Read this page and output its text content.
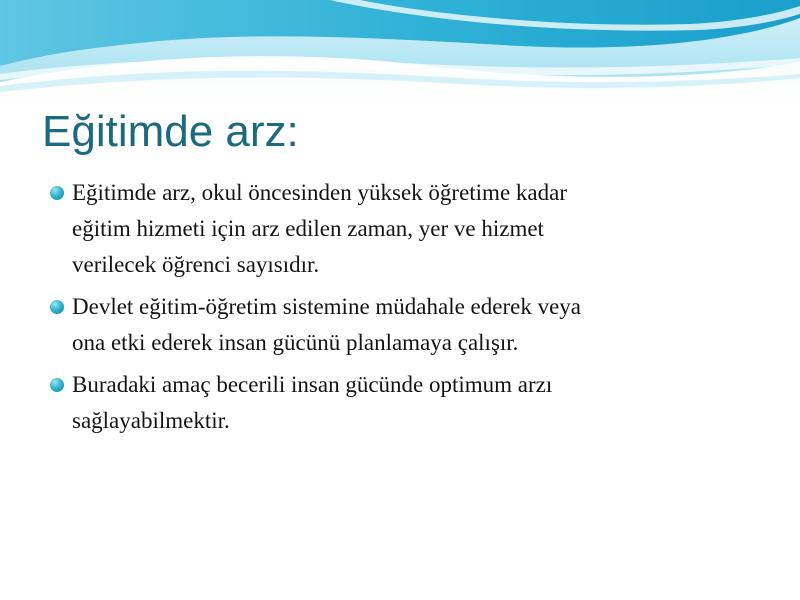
Eğitimde arz:
Eğitimde arz, okul öncesinden yüksek öğretime kadar
eğitim hizmeti için arz edilen zaman, yer ve hizmet
verilecek öğrenci sayısıdır.
Devlet eğitim-öğretim sistemine müdahale ederek veya
ona etki ederek insan gücünü planlamaya çalışır.
Buradaki amaç becerili insan gücünde optimum arzı
sağlayabilmektir.
